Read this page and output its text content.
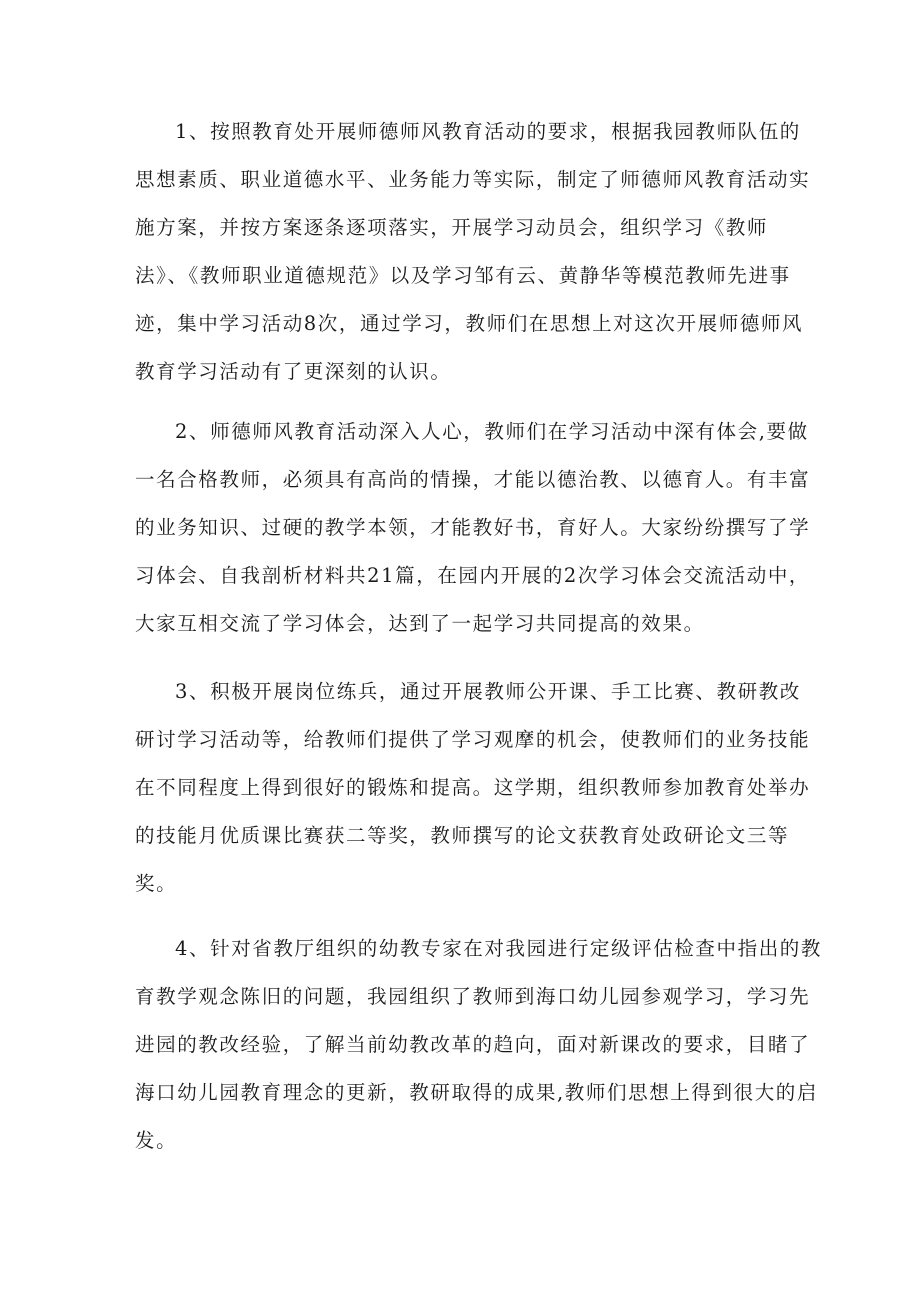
1、按照教育处开展师德师风教育活动的要求，根据我园教师队伍的
思想素质、职业道德水平、业务能力等实际，制定了师德师风教育活动实
施方案，并按方案逐条逐项落实，开展学习动员会，组织学习《教师
法》、《教师职业道德规范》以及学习邹有云、黄静华等模范教师先进事
迹，集中学习活动8次，通过学习，教师们在思想上对这次开展师德师风
教育学习活动有了更深刻的认识。
2、师德师风教育活动深入人心，教师们在学习活动中深有体会,要做
一名合格教师，必须具有高尚的情操，才能以德治教、以德育人。有丰富
的业务知识、过硬的教学本领，才能教好书，育好人。大家纷纷撰写了学
习体会、自我剖析材料共21篇，在园内开展的2次学习体会交流活动中，
大家互相交流了学习体会，达到了一起学习共同提高的效果。
3、积极开展岗位练兵，通过开展教师公开课、手工比赛、教研教改
研讨学习活动等，给教师们提供了学习观摩的机会，使教师们的业务技能
在不同程度上得到很好的锻炼和提高。这学期，组织教师参加教育处举办
的技能月优质课比赛获二等奖，教师撰写的论文获教育处政研论文三等
奖。
4、针对省教厅组织的幼教专家在对我园进行定级评估检查中指出的教
育教学观念陈旧的问题，我园组织了教师到海口幼儿园参观学习，学习先
进园的教改经验，了解当前幼教改革的趋向，面对新课改的要求，目睹了
海口幼儿园教育理念的更新，教研取得的成果,教师们思想上得到很大的启
发。
